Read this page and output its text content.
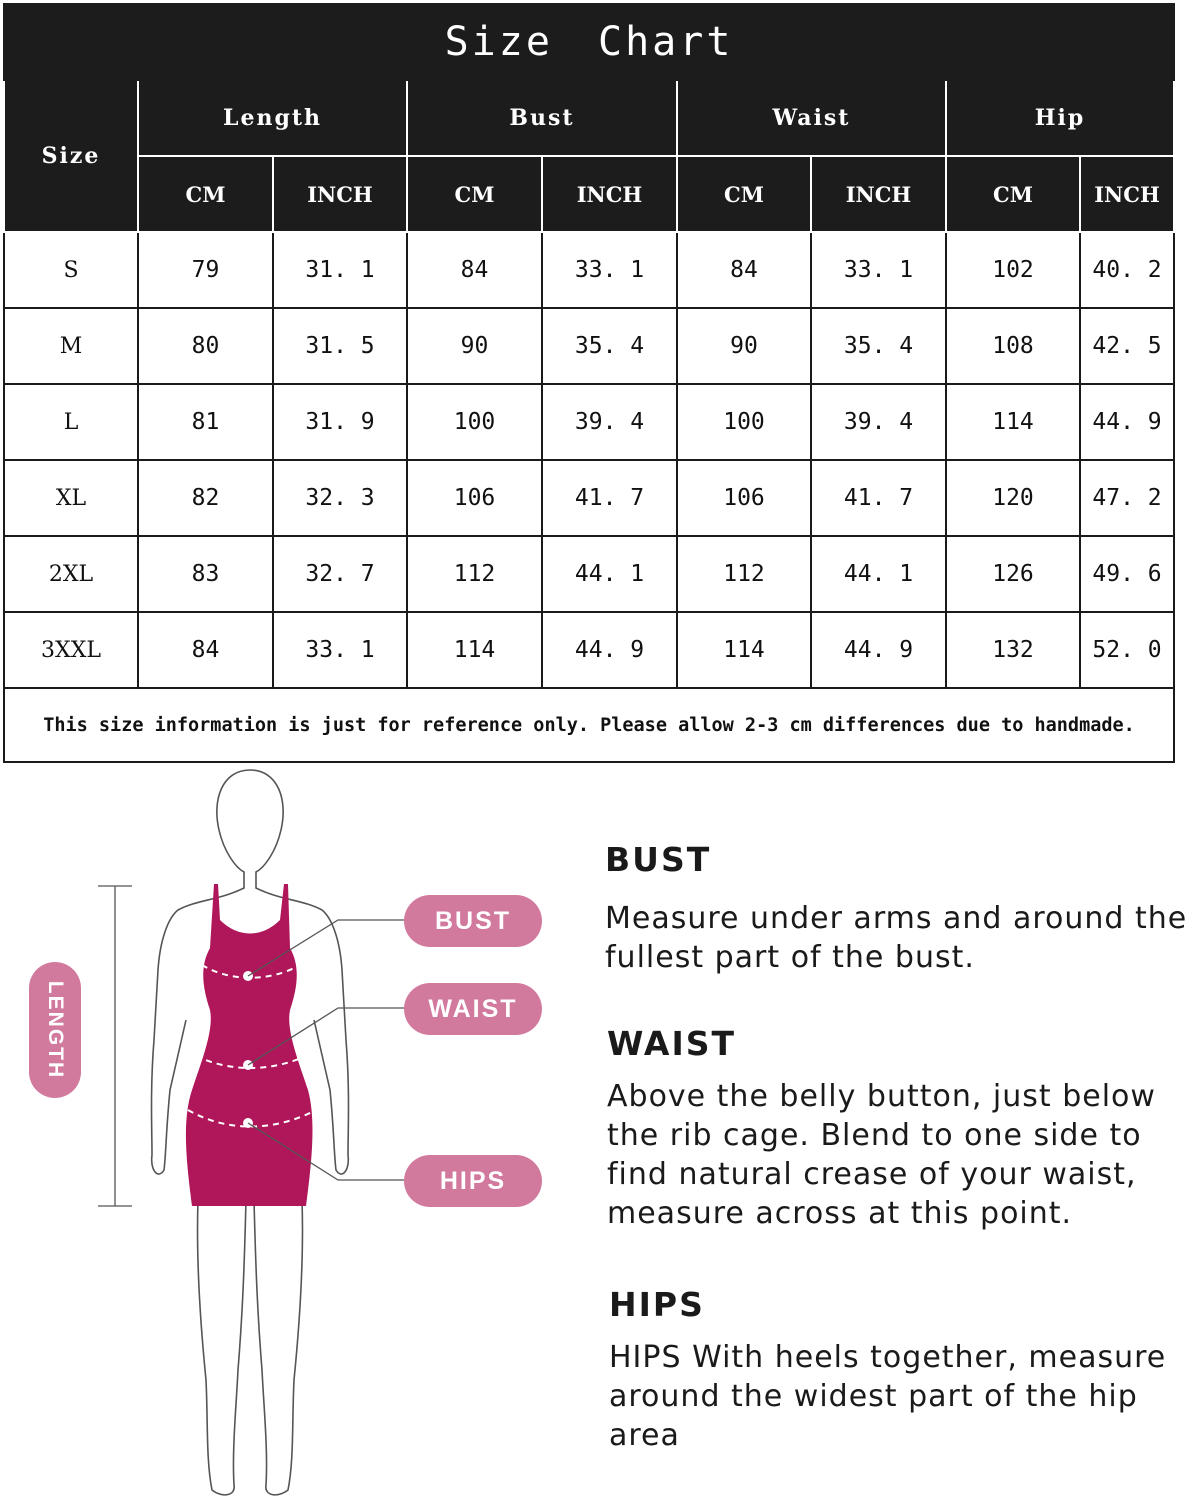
Size Chart								
Size	Length		Bust		Waist		Hip	
	CM	INCH	CM	INCH	CM	INCH	CM	INCH
S	79	31. 1	84	33. 1	84	33. 1	102	40. 2
M	80	31. 5	90	35. 4	90	35. 4	108	42. 5
L	81	31. 9	100	39. 4	100	39. 4	114	44. 9
XL	82	32. 3	106	41. 7	106	41. 7	120	47. 2
2XL	83	32. 7	112	44. 1	112	44. 1	126	49. 6
3XXL	84	33. 1	114	44. 9	114	44. 9	132	52. 0
This size information is just for reference only. Please allow 2-3 cm differences due to handmade.								
BUST
WAIST
HIPS
LENGTH
BUST

Measure under arms and around the fullest part of the bust.

WAIST

Above the belly button, just below the rib cage. Blend to one side to find natural crease of your waist, measure across at this point.

HIPS

HIPS With heels together, measure around the widest part of the hip area
